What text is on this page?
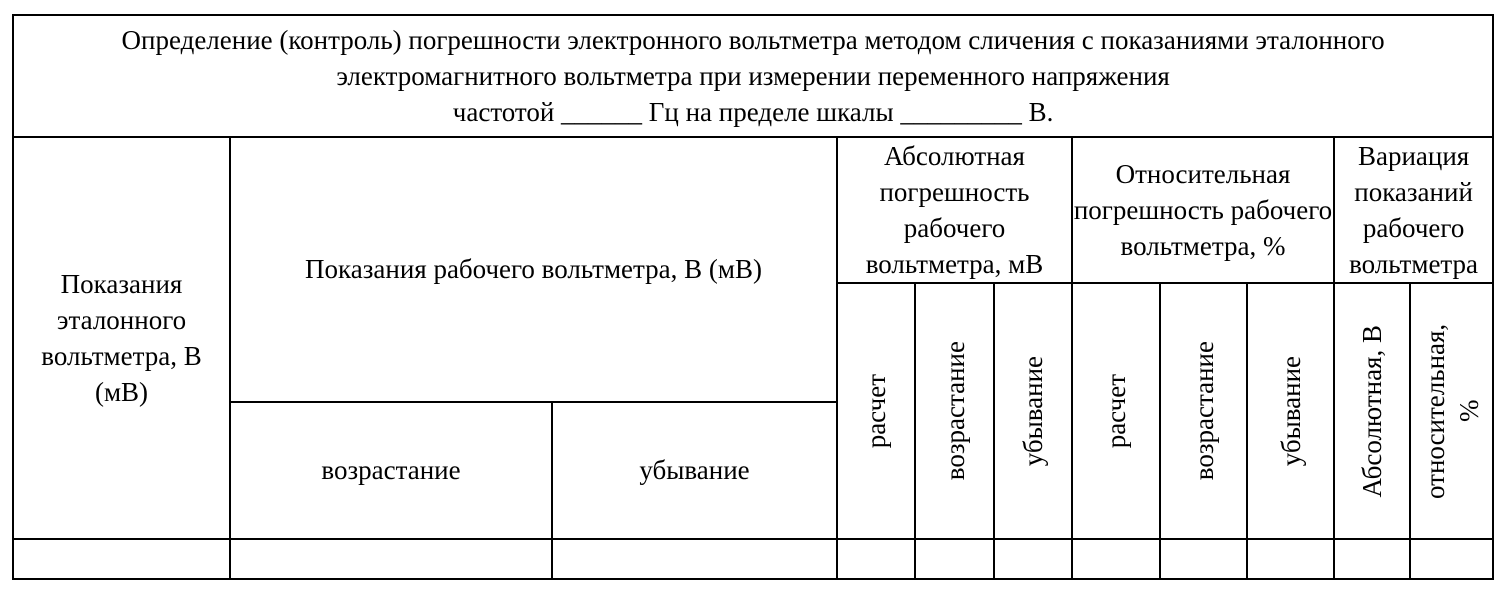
Определение (контроль) погрешности электронного вольтметра методом сличения с показаниями эталонного
электромагнитного вольтметра при измерении переменного напряжения
частотой ______ Гц на пределе шкалы _________ В.										

Показания эталонного вольтметра, В (мВ)	Показания рабочего вольтметра, В (мВ)		Абсолютная погрешность рабочего вольтметра, мВ			Относительная погрешность рабочего вольтметра, %			Вариация показаний рабочего вольтметра	

			расчет	возрастание	убывание	расчет	возрастание	убывание	Абсолютная, В	относительная, %

	возрастание	убывание								
